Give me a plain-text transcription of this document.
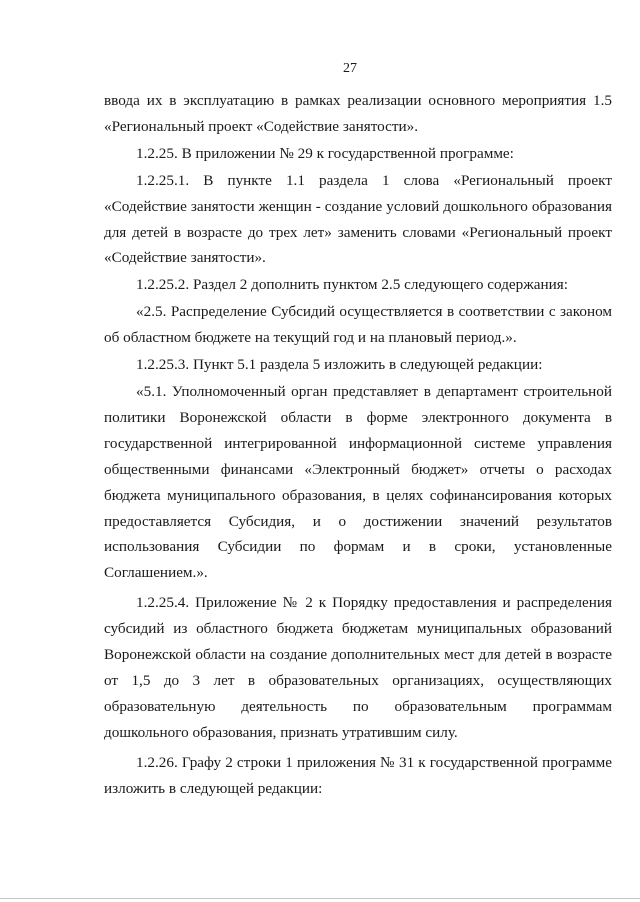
27

ввода их в эксплуатацию в рамках реализации основного мероприятия 1.5 «Региональный проект «Содействие занятости».

1.2.25. В приложении № 29 к государственной программе:

1.2.25.1. В пункте 1.1 раздела 1 слова «Региональный проект «Содействие занятости женщин - создание условий дошкольного образования для детей в возрасте до трех лет» заменить словами «Региональный проект «Содействие занятости».

1.2.25.2. Раздел 2 дополнить пунктом 2.5 следующего содержания:

«2.5. Распределение Субсидий осуществляется в соответствии с законом об областном бюджете на текущий год и на плановый период.».

1.2.25.3. Пункт 5.1 раздела 5 изложить в следующей редакции:

«5.1. Уполномоченный орган представляет в департамент строительной политики Воронежской области в форме электронного документа в государственной интегрированной информационной системе управления общественными финансами «Электронный бюджет» отчеты о расходах бюджета муниципального образования, в целях софинансирования которых предоставляется Субсидия, и о достижении значений результатов использования Субсидии по формам и в сроки, установленные Соглашением.».

1.2.25.4. Приложение № 2 к Порядку предоставления и распределения субсидий из областного бюджета бюджетам муниципальных образований Воронежской области на создание дополнительных мест для детей в возрасте от 1,5 до 3 лет в образовательных организациях, осуществляющих образовательную деятельность по образовательным программам дошкольного образования, признать утратившим силу.

1.2.26. Графу 2 строки 1 приложения № 31 к государственной программе изложить в следующей редакции:
